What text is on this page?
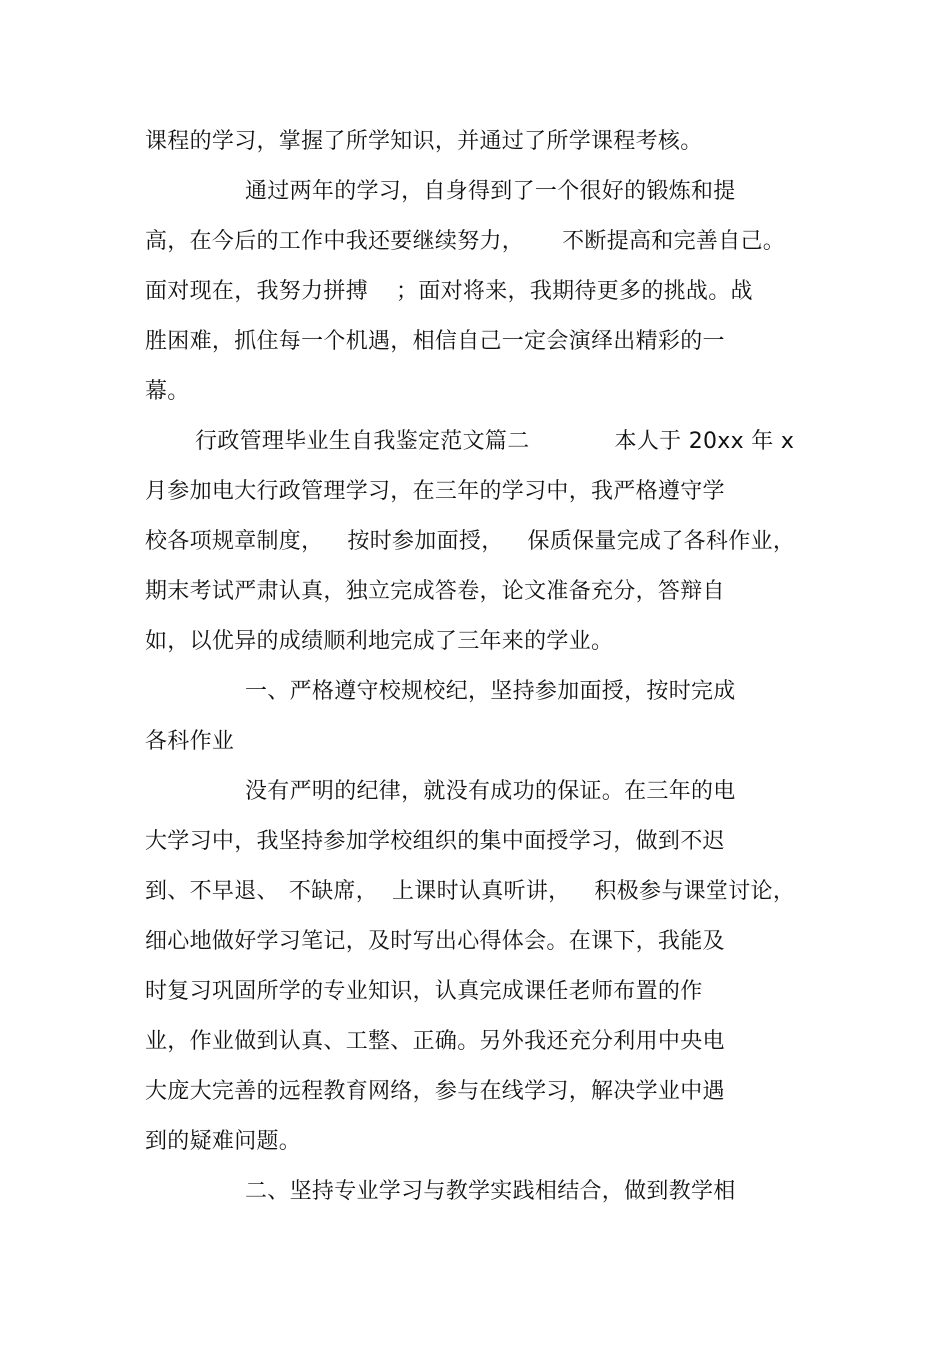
课程的学习，掌握了所学知识，并通过了所学课程考核。
通过两年的学习，自身得到了一个很好的锻炼和提
高，在今后的工作中我还要继续努力， 不断提高和完善自己。
面对现在，我努力拼搏 ；面对将来，我期待更多的挑战。战
胜困难，抓住每一个机遇，相信自己一定会演绎出精彩的一
幕。
行政管理毕业生自我鉴定范文篇二	本人于 20xx 年 x
月参加电大行政管理学习，在三年的学习中，我严格遵守学
校各项规章制度， 按时参加面授， 保质保量完成了各科作业，
期末考试严肃认真，独立完成答卷，论文准备充分，答辩自
如，以优异的成绩顺利地完成了三年来的学业。
一、严格遵守校规校纪，坚持参加面授，按时完成
各科作业
没有严明的纪律，就没有成功的保证。在三年的电
大学习中，我坚持参加学校组织的集中面授学习，做到不迟
到、不早退、 不缺席， 上课时认真听讲， 积极参与课堂讨论，
细心地做好学习笔记，及时写出心得体会。在课下，我能及
时复习巩固所学的专业知识，认真完成课任老师布置的作
业，作业做到认真、工整、正确。另外我还充分利用中央电
大庞大完善的远程教育网络，参与在线学习，解决学业中遇
到的疑难问题。
二、坚持专业学习与教学实践相结合，做到教学相
